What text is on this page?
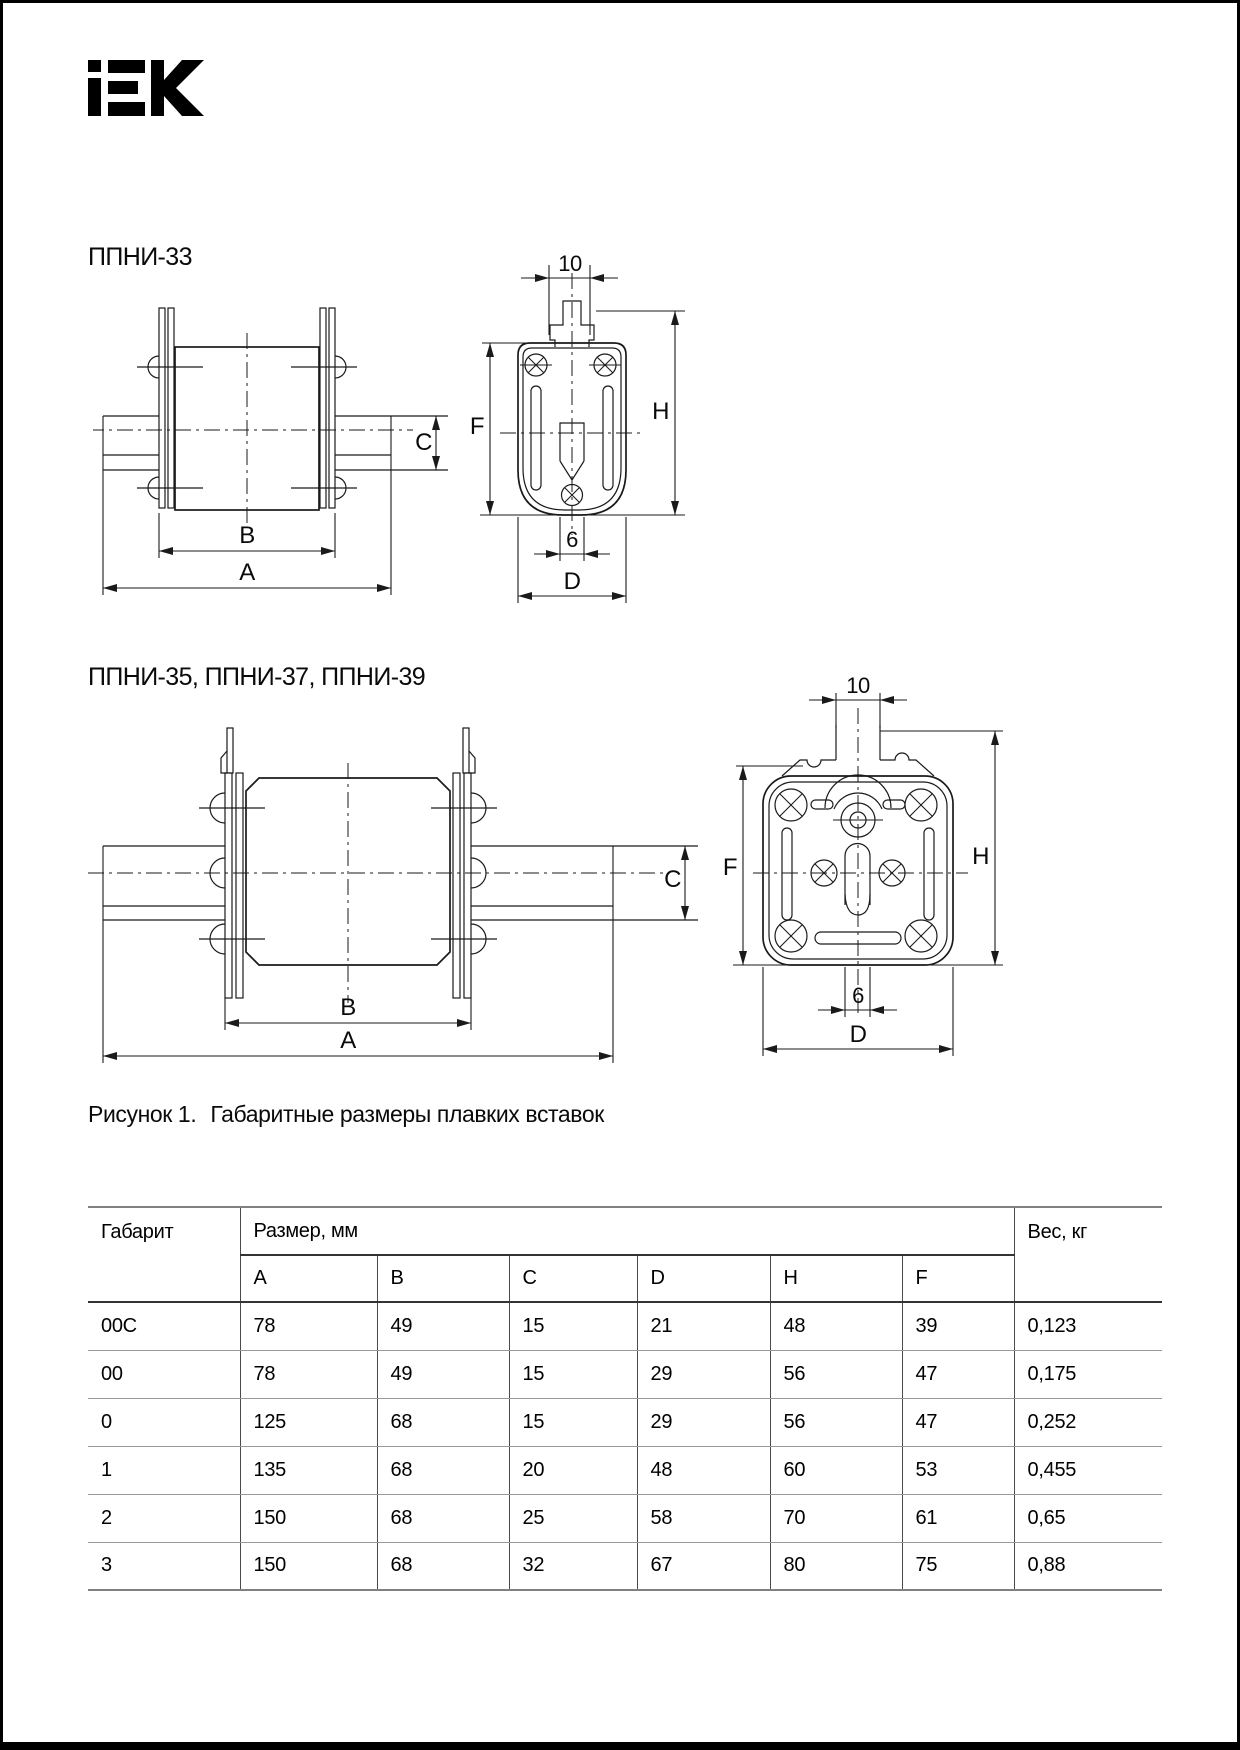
ППНИ-33
B
A
C
10
F
H
6
D
ППНИ-35, ППНИ-37, ППНИ-39
B
A
C
10
F	H
6
D
Рисунок 1. Габаритные размеры плавких вставок
Габарит	Размер, мм						Вес, кг
	A	B	C	D	H	F	
00C	78	49	15	21	48	39	0,123
00	78	49	15	29	56	47	0,175
0	125	68	15	29	56	47	0,252
1	135	68	20	48	60	53	0,455
2	150	68	25	58	70	61	0,65
3	150	68	32	67	80	75	0,88
